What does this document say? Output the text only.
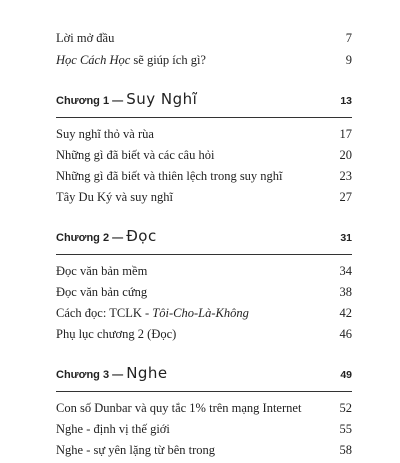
Lời mở đầu	7
Học Cách Học sẽ giúp ích gì?	9
Chương 1 — Suy Nghĩ	13
Suy nghĩ thỏ và rùa	17
Những gì đã biết và các câu hỏi	20
Những gì đã biết và thiên lệch trong suy nghĩ	23
Tây Du Ký và suy nghĩ	27
Chương 2 — Đọc	31
Đọc văn bản mềm	34
Đọc văn bản cứng	38
Cách đọc: TCLK - Tôi-Cho-Là-Không	42
Phụ lục chương 2 (Đọc)	46
Chương 3 — Nghe	49
Con số Dunbar và quy tắc 1% trên mạng Internet	52
Nghe - định vị thế giới	55
Nghe - sự yên lặng từ bên trong	58
